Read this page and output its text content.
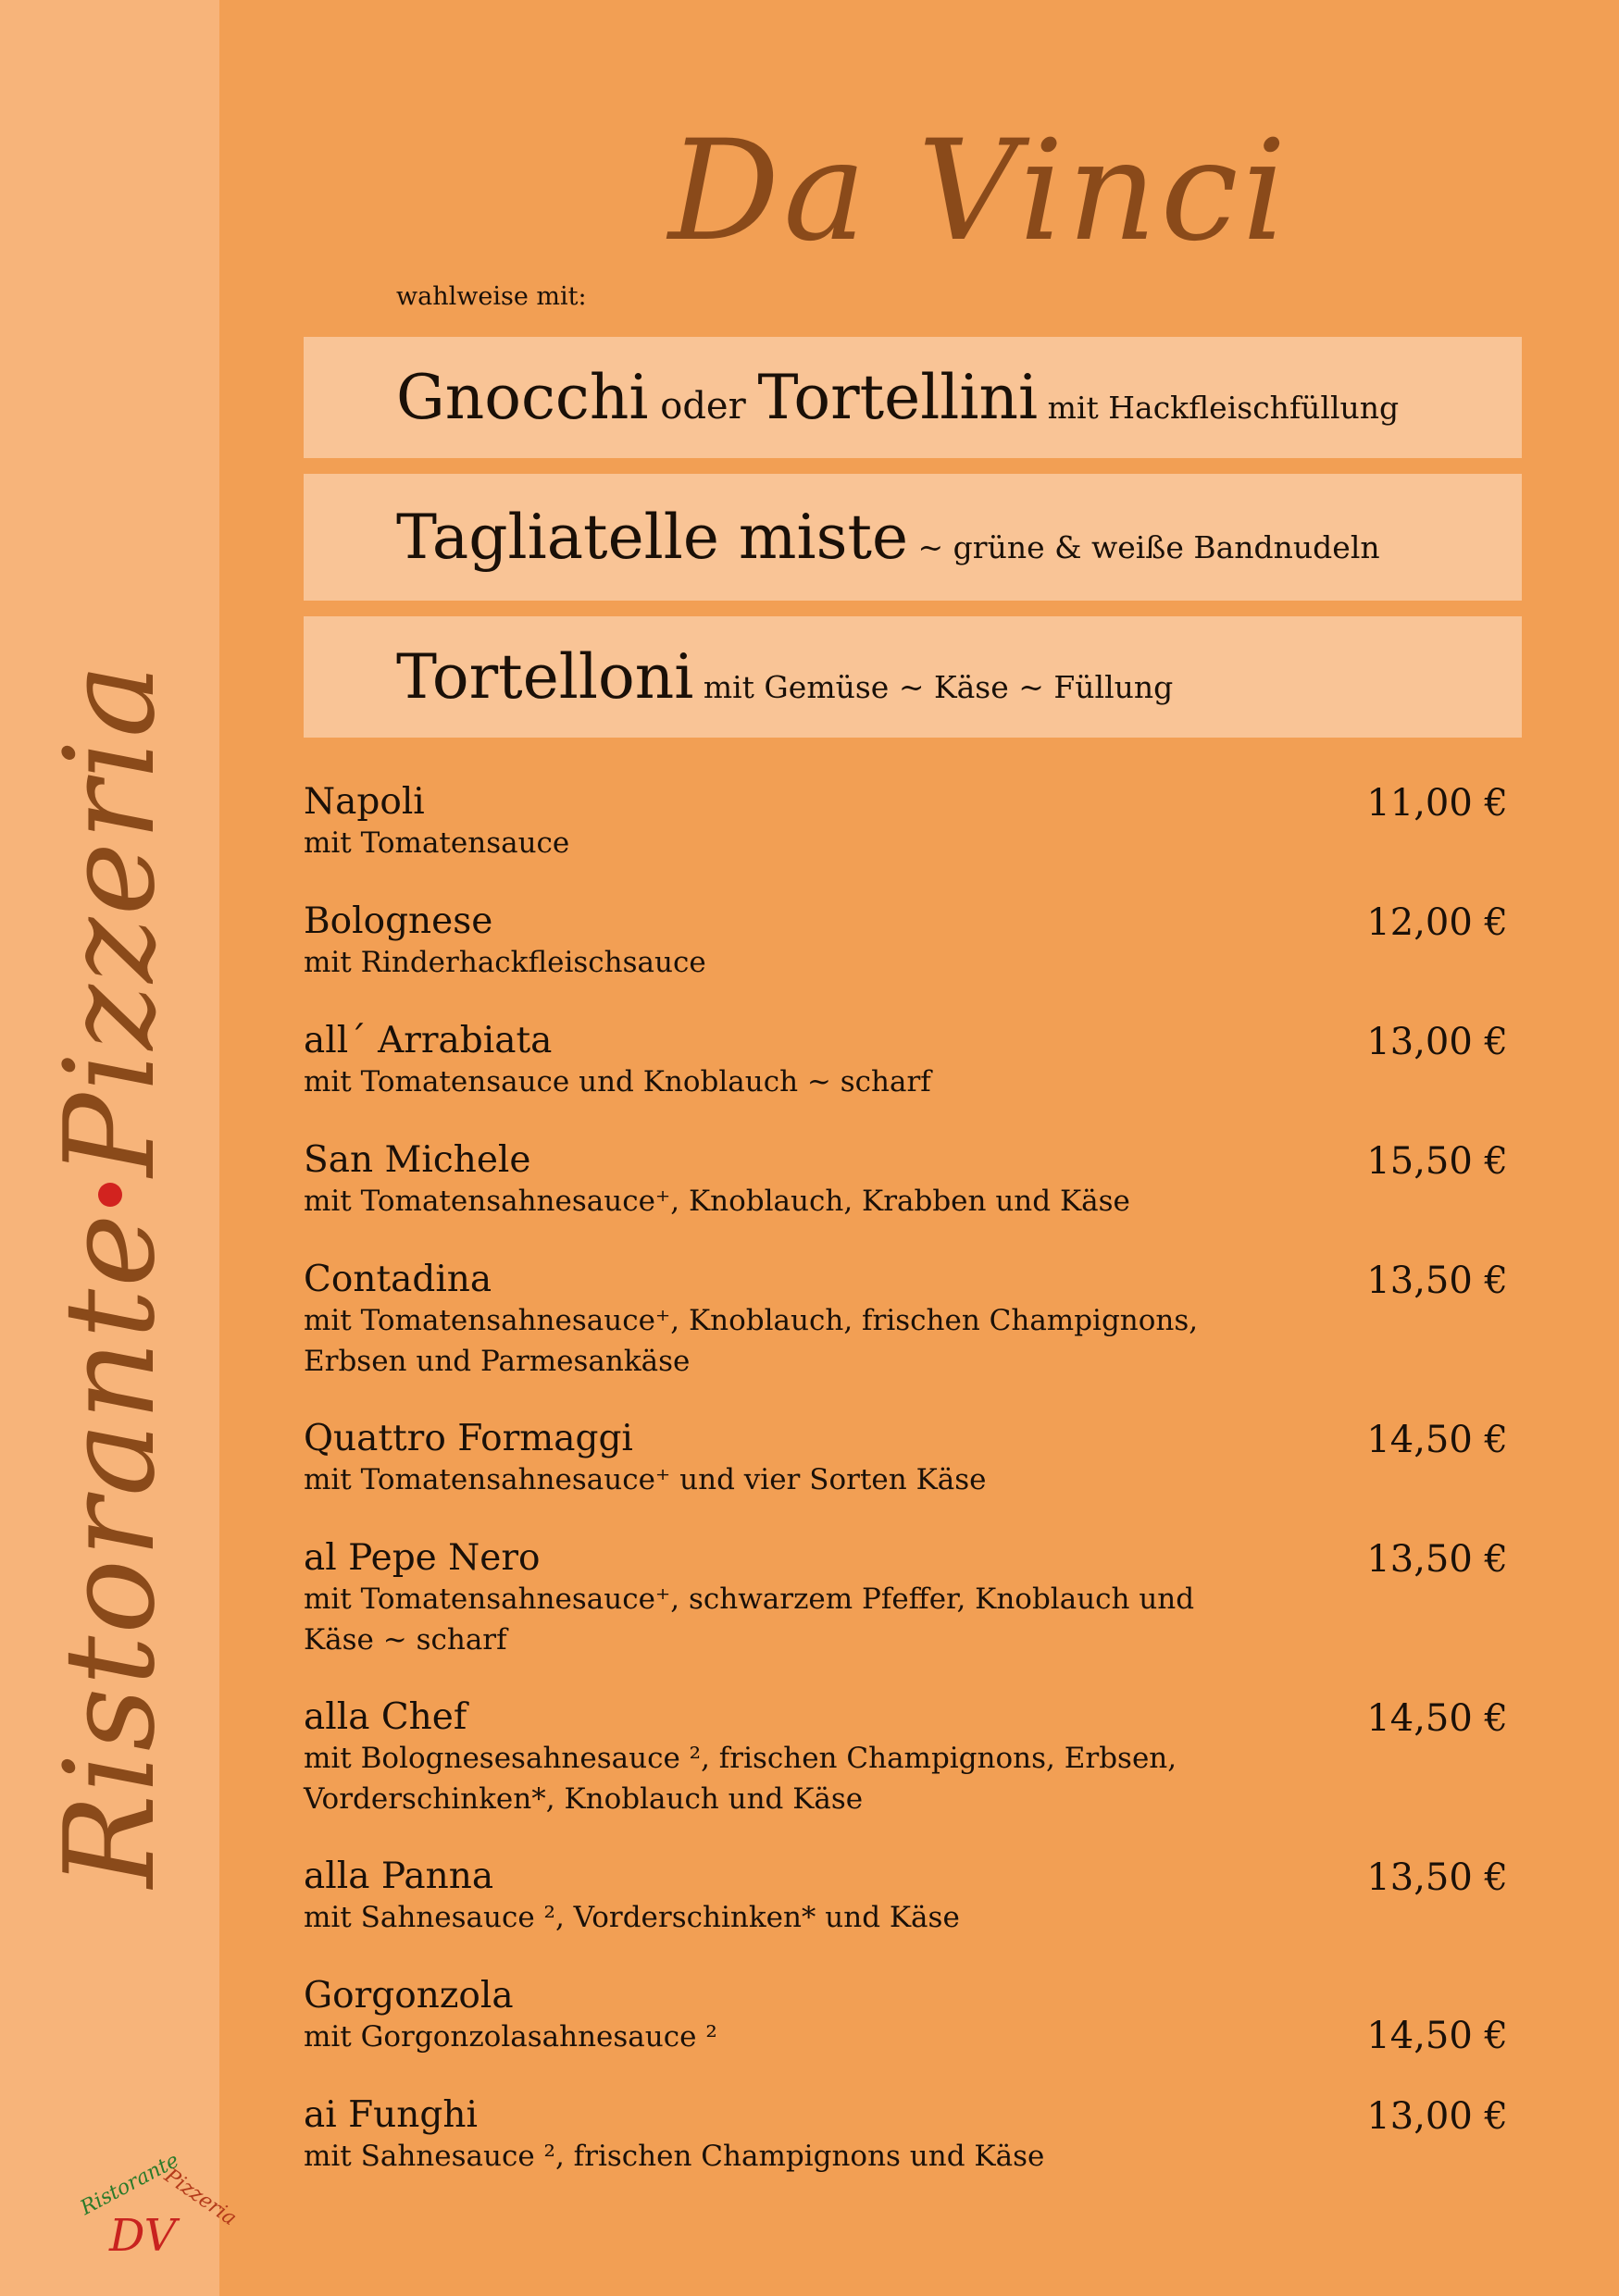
Ristorante
Pizzeria
Ristorante
Pizzeria
DV
Da Vinci
wahlweise mit:
Gnocchi oder Tortellini mit Hackfleischfüllung
Tagliatelle miste ~ grüne & weiße Bandnudeln
Tortelloni mit Gemüse ~ Käse ~ Füllung
Napoli
mit Tomatensauce
11,00 €
Bolognese
mit Rinderhackfleischsauce
12,00 €
all´ Arrabiata
mit Tomatensauce und Knoblauch ~ scharf
13,00 €
San Michele
mit Tomatensahnesauce⁺, Knoblauch, Krabben und Käse
15,50 €
Contadina
mit Tomatensahnesauce⁺, Knoblauch, frischen Champignons, Erbsen und Parmesankäse
13,50 €
Quattro Formaggi
mit Tomatensahnesauce⁺ und vier Sorten Käse
14,50 €
al Pepe Nero
mit Tomatensahnesauce⁺, schwarzem Pfeffer, Knoblauch und Käse ~ scharf
13,50 €
alla Chef
mit Bolognesesahnesauce ², frischen Champignons, Erbsen, Vorderschinken*, Knoblauch und Käse
14,50 €
alla Panna
mit Sahnesauce ², Vorderschinken* und Käse
13,50 €
Gorgonzola
mit Gorgonzolasahnesauce ²	14,50 €
ai Funghi
mit Sahnesauce ², frischen Champignons und Käse
13,00 €
